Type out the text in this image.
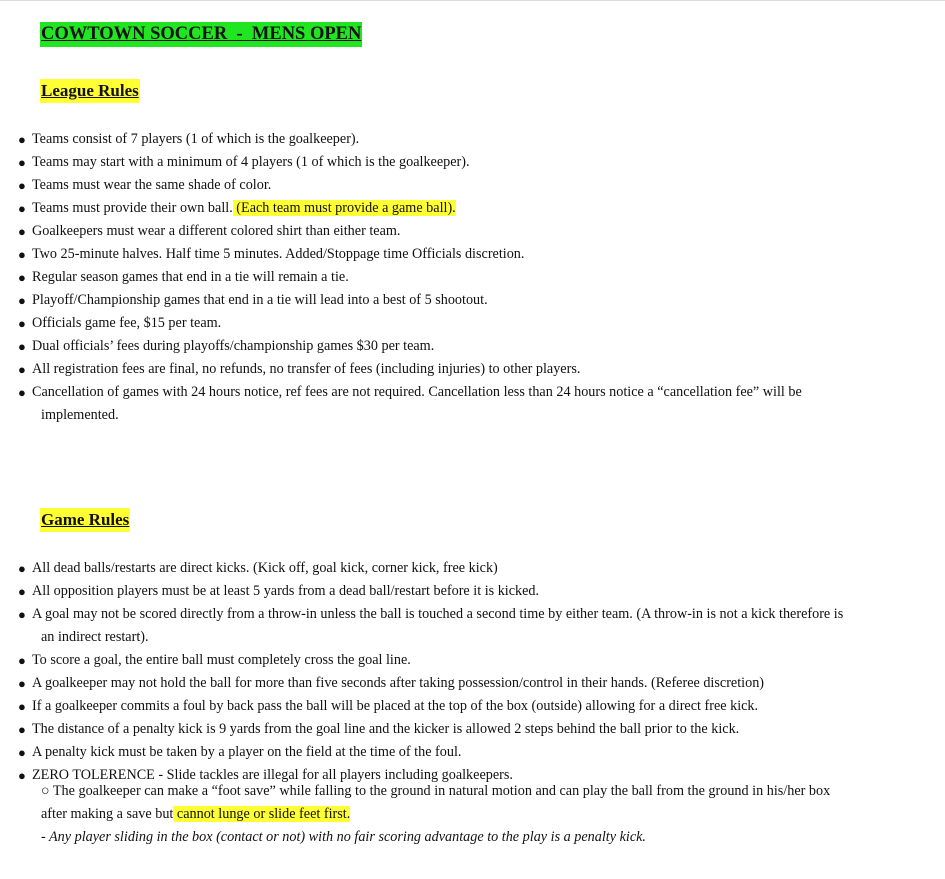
COWTOWN SOCCER  -  MENS OPEN
League Rules
● Teams consist of 7 players (1 of which is the goalkeeper).
● Teams may start with a minimum of 4 players (1 of which is the goalkeeper).
● Teams must wear the same shade of color.
● Teams must provide their own ball. (Each team must provide a game ball).
● Goalkeepers must wear a different colored shirt than either team.
● Two 25-minute halves. Half time 5 minutes. Added/Stoppage time Officials discretion.
● Regular season games that end in a tie will remain a tie.
● Playoff/Championship games that end in a tie will lead into a best of 5 shootout.
● Officials game fee, $15 per team.
● Dual officials’ fees during playoffs/championship games $30 per team.
● All registration fees are final, no refunds, no transfer of fees (including injuries) to other players.
● Cancellation of games with 24 hours notice, ref fees are not required. Cancellation less than 24 hours notice a “cancellation fee” will be
implemented.
Game Rules
● All dead balls/restarts are direct kicks. (Kick off, goal kick, corner kick, free kick)
● All opposition players must be at least 5 yards from a dead ball/restart before it is kicked.
● A goal may not be scored directly from a throw-in unless the ball is touched a second time by either team. (A throw-in is not a kick therefore is
an indirect restart).
● To score a goal, the entire ball must completely cross the goal line.
● A goalkeeper may not hold the ball for more than five seconds after taking possession/control in their hands. (Referee discretion)
● If a goalkeeper commits a foul by back pass the ball will be placed at the top of the box (outside) allowing for a direct free kick.
● The distance of a penalty kick is 9 yards from the goal line and the kicker is allowed 2 steps behind the ball prior to the kick.
● A penalty kick must be taken by a player on the field at the time of the foul.
● ZERO TOLERENCE - Slide tackles are illegal for all players including goalkeepers.
○ The goalkeeper can make a “foot save” while falling to the ground in natural motion and can play the ball from the ground in his/her box
after making a save but cannot lunge or slide feet first.
- Any player sliding in the box (contact or not) with no fair scoring advantage to the play is a penalty kick.
